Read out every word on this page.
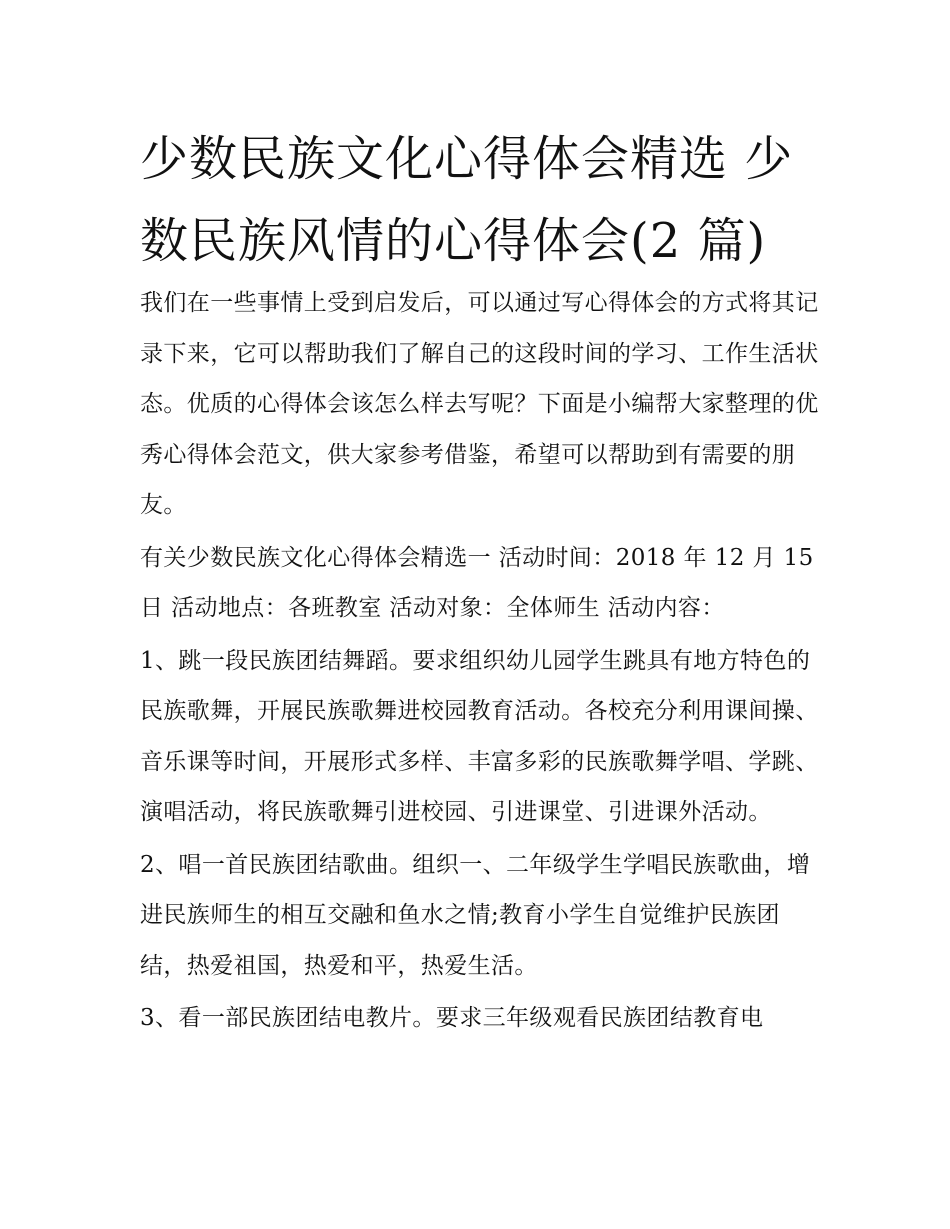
少数民族文化心得体会精选 少数民族风情的心得体会(2 篇)

我们在一些事情上受到启发后，可以通过写心得体会的方式将其记录下来，它可以帮助我们了解自己的这段时间的学习、工作生活状态。优质的心得体会该怎么样去写呢？下面是小编帮大家整理的优秀心得体会范文，供大家参考借鉴，希望可以帮助到有需要的朋友。

有关少数民族文化心得体会精选一 活动时间：2018 年 12 月 15 日 活动地点：各班教室 活动对象：全体师生 活动内容：

1、跳一段民族团结舞蹈。要求组织幼儿园学生跳具有地方特色的民族歌舞，开展民族歌舞进校园教育活动。各校充分利用课间操、音乐课等时间，开展形式多样、丰富多彩的民族歌舞学唱、学跳、演唱活动，将民族歌舞引进校园、引进课堂、引进课外活动。

2、唱一首民族团结歌曲。组织一、二年级学生学唱民族歌曲，增进民族师生的相互交融和鱼水之情;教育小学生自觉维护民族团结，热爱祖国，热爱和平，热爱生活。

3、看一部民族团结电教片。要求三年级观看民族团结教育电
